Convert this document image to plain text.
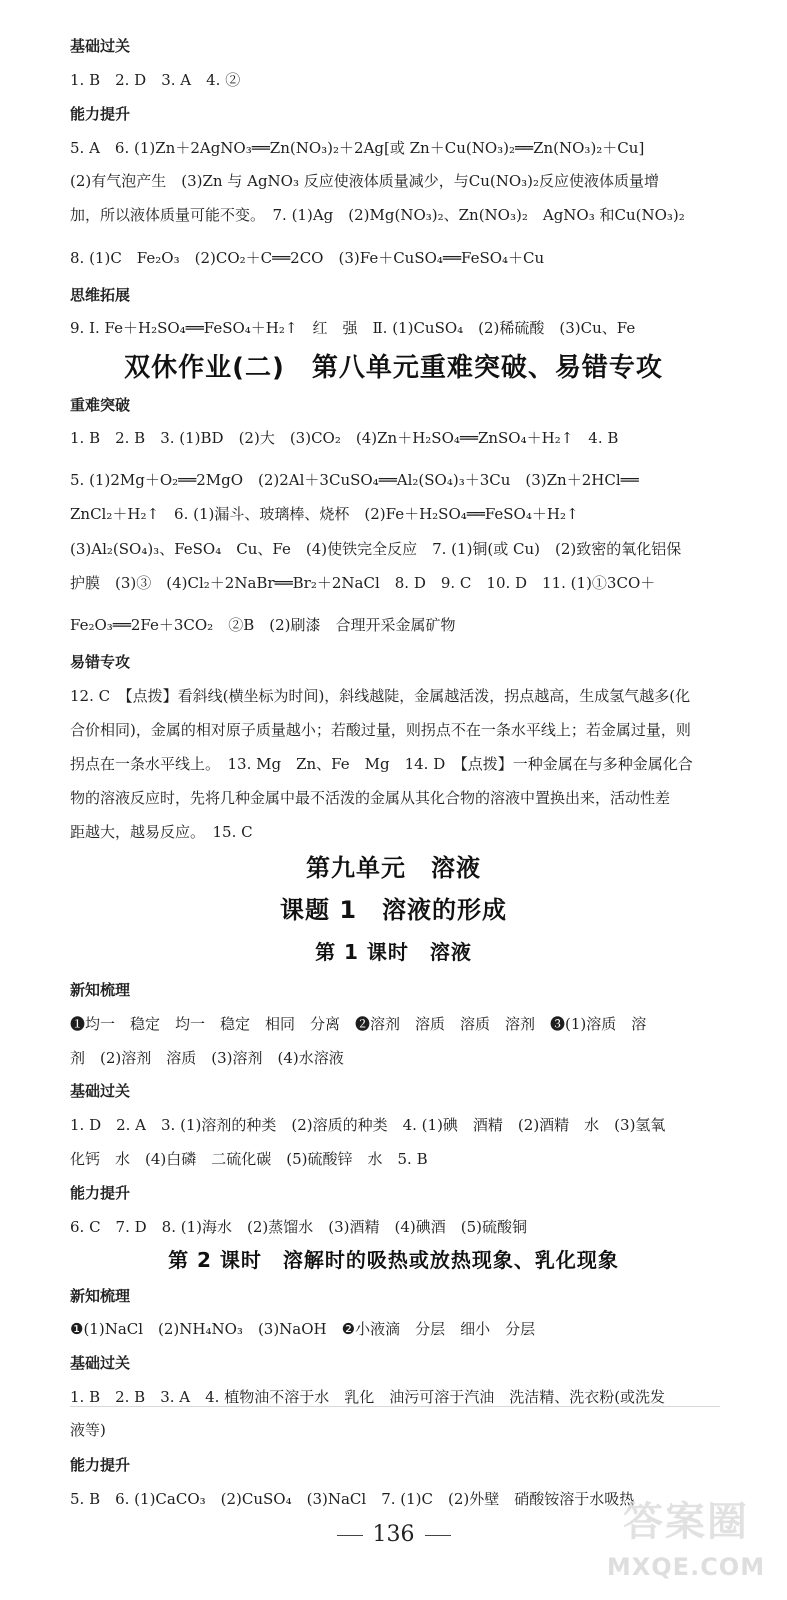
基础过关
1. B　2. D　3. A　4. ②
能力提升
5. A　6. (1)Zn＋2AgNO₃══Zn(NO₃)₂＋2Ag[或 Zn＋Cu(NO₃)₂══Zn(NO₃)₂＋Cu]
(2)有气泡产生　(3)Zn 与 AgNO₃ 反应使液体质量减少，与Cu(NO₃)₂反应使液体质量增
加，所以液体质量可能不变。　7. (1)Ag　(2)Mg(NO₃)₂、Zn(NO₃)₂　AgNO₃ 和Cu(NO₃)₂
8. (1)C　Fe₂O₃　(2)CO₂＋C══2CO　(3)Fe＋CuSO₄══FeSO₄＋Cu
思维拓展
9. Ⅰ. Fe＋H₂SO₄══FeSO₄＋H₂↑　红　强　Ⅱ. (1)CuSO₄　(2)稀硫酸　(3)Cu、Fe
双休作业(二)　第八单元重难突破、易错专攻
重难突破
1. B　2. B　3. (1)BD　(2)大　(3)CO₂　(4)Zn＋H₂SO₄══ZnSO₄＋H₂↑　4. B
5. (1)2Mg＋O₂══2MgO　(2)2Al＋3CuSO₄══Al₂(SO₄)₃＋3Cu　(3)Zn＋2HCl══
ZnCl₂＋H₂↑　6. (1)漏斗、玻璃棒、烧杯　(2)Fe＋H₂SO₄══FeSO₄＋H₂↑
(3)Al₂(SO₄)₃、FeSO₄　Cu、Fe　(4)使铁完全反应　7. (1)铜(或 Cu)　(2)致密的氧化铝保
护膜　(3)③　(4)Cl₂＋2NaBr══Br₂＋2NaCl　8. D　9. C　10. D　11. (1)①3CO＋
Fe₂O₃══2Fe＋3CO₂　②B　(2)刷漆　合理开采金属矿物
易错专攻
12. C　【点拨】看斜线(横坐标为时间)，斜线越陡，金属越活泼，拐点越高，生成氢气越多(化
合价相同)，金属的相对原子质量越小；若酸过量，则拐点不在一条水平线上；若金属过量，则
拐点在一条水平线上。　13. Mg　Zn、Fe　Mg　14. D　【点拨】一种金属在与多种金属化合
物的溶液反应时，先将几种金属中最不活泼的金属从其化合物的溶液中置换出来，活动性差
距越大，越易反应。　15. C
第九单元　溶液
课题 1　溶液的形成
第 1 课时　溶液
新知梳理
❶均一　稳定　均一　稳定　相同　分离　❷溶剂　溶质　溶质　溶剂　❸(1)溶质　溶
剂　(2)溶剂　溶质　(3)溶剂　(4)水溶液
基础过关
1. D　2. A　3. (1)溶剂的种类　(2)溶质的种类　4. (1)碘　酒精　(2)酒精　水　(3)氢氧
化钙　水　(4)白磷　二硫化碳　(5)硫酸锌　水　5. B
能力提升
6. C　7. D　8. (1)海水　(2)蒸馏水　(3)酒精　(4)碘酒　(5)硫酸铜
第 2 课时　溶解时的吸热或放热现象、乳化现象
新知梳理
❶(1)NaCl　(2)NH₄NO₃　(3)NaOH　❷小液滴　分层　细小　分层
基础过关
1. B　2. B　3. A　4. 植物油不溶于水　乳化　油污可溶于汽油　洗洁精、洗衣粉(或洗发
液等)
能力提升
5. B　6. (1)CaCO₃　(2)CuSO₄　(3)NaCl　7. (1)C　(2)外壁　硝酸铵溶于水吸热
136	答案圈
MXQE.COM
